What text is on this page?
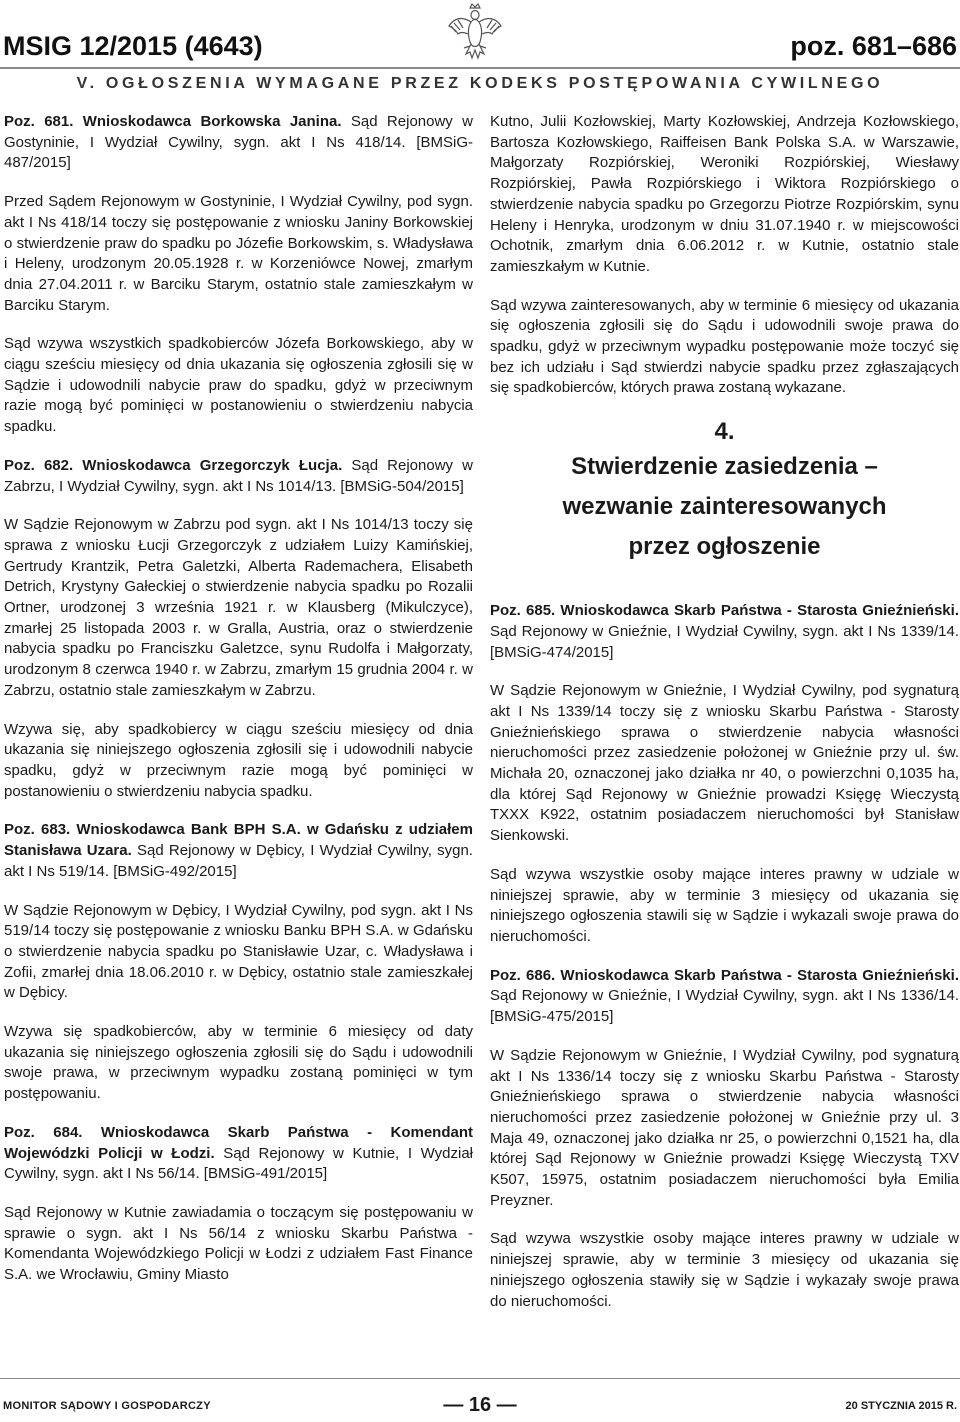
MSIG 12/2015 (4643)	poz. 681–686
V. OGŁOSZENIA WYMAGANE PRZEZ KODEKS POSTĘPOWANIA CYWILNEGO

Poz. 681. Wnioskodawca Borkowska Janina. Sąd Rejonowy w Gostyninie, I Wydział Cywilny, sygn. akt I Ns 418/14. [BMSiG-487/2015]

Przed Sądem Rejonowym w Gostyninie, I Wydział Cywilny, pod sygn. akt I Ns 418/14 toczy się postępowanie z wniosku Janiny Borkowskiej o stwierdzenie praw do spadku po Józefie Borkowskim, s. Władysława i Heleny, urodzonym 20.05.1928 r. w Korzeniówce Nowej, zmarłym dnia 27.04.2011 r. w Barciku Starym, ostatnio stale zamieszkałym w Barciku Starym.

Sąd wzywa wszystkich spadkobierców Józefa Borkowskiego, aby w ciągu sześciu miesięcy od dnia ukazania się ogłoszenia zgłosili się w Sądzie i udowodnili nabycie praw do spadku, gdyż w przeciwnym razie mogą być pominięci w postanowieniu o stwierdzeniu nabycia spadku.

Poz. 682. Wnioskodawca Grzegorczyk Łucja. Sąd Rejonowy w Zabrzu, I Wydział Cywilny, sygn. akt I Ns 1014/13. [BMSiG-504/2015]

W Sądzie Rejonowym w Zabrzu pod sygn. akt I Ns 1014/13 toczy się sprawa z wniosku Łucji Grzegorczyk z udziałem Luizy Kamińskiej, Gertrudy Krantzik, Petra Galetzki, Alberta Rademachera, Elisabeth Detrich, Krystyny Gałeckiej o stwierdzenie nabycia spadku po Rozalii Ortner, urodzonej 3 września 1921 r. w Klausberg (Mikulczyce), zmarłej 25 listopada 2003 r. w Gralla, Austria, oraz o stwierdzenie nabycia spadku po Franciszku Galetzce, synu Rudolfa i Małgorzaty, urodzonym 8 czerwca 1940 r. w Zabrzu, zmarłym 15 grudnia 2004 r. w Zabrzu, ostatnio stale zamieszkałym w Zabrzu.

Wzywa się, aby spadkobiercy w ciągu sześciu miesięcy od dnia ukazania się niniejszego ogłoszenia zgłosili się i udowodnili nabycie spadku, gdyż w przeciwnym razie mogą być pominięci w postanowieniu o stwierdzeniu nabycia spadku.

Poz. 683. Wnioskodawca Bank BPH S.A. w Gdańsku z udziałem Stanisława Uzara. Sąd Rejonowy w Dębicy, I Wydział Cywilny, sygn. akt I Ns 519/14. [BMSiG-492/2015]

W Sądzie Rejonowym w Dębicy, I Wydział Cywilny, pod sygn. akt I Ns 519/14 toczy się postępowanie z wniosku Banku BPH S.A. w Gdańsku o stwierdzenie nabycia spadku po Stanisławie Uzar, c. Władysława i Zofii, zmarłej dnia 18.06.2010 r. w Dębicy, ostatnio stale zamieszkałej w Dębicy.

Wzywa się spadkobierców, aby w terminie 6 miesięcy od daty ukazania się niniejszego ogłoszenia zgłosili się do Sądu i udowodnili swoje prawa, w przeciwnym wypadku zostaną pominięci w tym postępowaniu.

Poz. 684. Wnioskodawca Skarb Państwa - Komendant Wojewódzki Policji w Łodzi. Sąd Rejonowy w Kutnie, I Wydział Cywilny, sygn. akt I Ns 56/14. [BMSiG-491/2015]

Sąd Rejonowy w Kutnie zawiadamia o toczącym się postępowaniu w sprawie o sygn. akt I Ns 56/14 z wniosku Skarbu Państwa - Komendanta Wojewódzkiego Policji w Łodzi z udziałem Fast Finance S.A. we Wrocławiu, Gminy Miasto

Kutno, Julii Kozłowskiej, Marty Kozłowskiej, Andrzeja Kozłowskiego, Bartosza Kozłowskiego, Raiffeisen Bank Polska S.A. w Warszawie, Małgorzaty Rozpiórskiej, Weroniki Rozpiórskiej, Wiesławy Rozpiórskiej, Pawła Rozpiórskiego i Wiktora Rozpiórskiego o stwierdzenie nabycia spadku po Grzegorzu Piotrze Rozpiórskim, synu Heleny i Henryka, urodzonym w dniu 31.07.1940 r. w miejscowości Ochotnik, zmarłym dnia 6.06.2012 r. w Kutnie, ostatnio stale zamieszkałym w Kutnie.

Sąd wzywa zainteresowanych, aby w terminie 6 miesięcy od ukazania się ogłoszenia zgłosili się do Sądu i udowodnili swoje prawa do spadku, gdyż w przeciwnym wypadku postępowanie może toczyć się bez ich udziału i Sąd stwierdzi nabycie spadku przez zgłaszających się spadkobierców, których prawa zostaną wykazane.

4.
Stwierdzenie zasiedzenia –
wezwanie zainteresowanych
przez ogłoszenie

Poz. 685. Wnioskodawca Skarb Państwa - Starosta Gnieźnieński. Sąd Rejonowy w Gnieźnie, I Wydział Cywilny, sygn. akt I Ns 1339/14. [BMSiG-474/2015]

W Sądzie Rejonowym w Gnieźnie, I Wydział Cywilny, pod sygnaturą akt I Ns 1339/14 toczy się z wniosku Skarbu Państwa - Starosty Gnieźnieńskiego sprawa o stwierdzenie nabycia własności nieruchomości przez zasiedzenie położonej w Gnieźnie przy ul. św. Michała 20, oznaczonej jako działka nr 40, o powierzchni 0,1035 ha, dla której Sąd Rejonowy w Gnieźnie prowadzi Księgę Wieczystą TXXX K922, ostatnim posiadaczem nieruchomości był Stanisław Sienkowski.

Sąd wzywa wszystkie osoby mające interes prawny w udziale w niniejszej sprawie, aby w terminie 3 miesięcy od ukazania się niniejszego ogłoszenia stawili się w Sądzie i wykazali swoje prawa do nieruchomości.

Poz. 686. Wnioskodawca Skarb Państwa - Starosta Gnieźnieński. Sąd Rejonowy w Gnieźnie, I Wydział Cywilny, sygn. akt I Ns 1336/14. [BMSiG-475/2015]

W Sądzie Rejonowym w Gnieźnie, I Wydział Cywilny, pod sygnaturą akt I Ns 1336/14 toczy się z wniosku Skarbu Państwa - Starosty Gnieźnieńskiego sprawa o stwierdzenie nabycia własności nieruchomości przez zasiedzenie położonej w Gnieźnie przy ul. 3 Maja 49, oznaczonej jako działka nr 25, o powierzchni 0,1521 ha, dla której Sąd Rejonowy w Gnieźnie prowadzi Księgę Wieczystą TXV K507, 15975, ostatnim posiadaczem nieruchomości była Emilia Preyzner.

Sąd wzywa wszystkie osoby mające interes prawny w udziale w niniejszej sprawie, aby w terminie 3 miesięcy od ukazania się niniejszego ogłoszenia stawiły się w Sądzie i wykazały swoje prawa do nieruchomości.

MONITOR SĄDOWY I GOSPODARCZY	— 16 —	20 STYCZNIA 2015 R.
